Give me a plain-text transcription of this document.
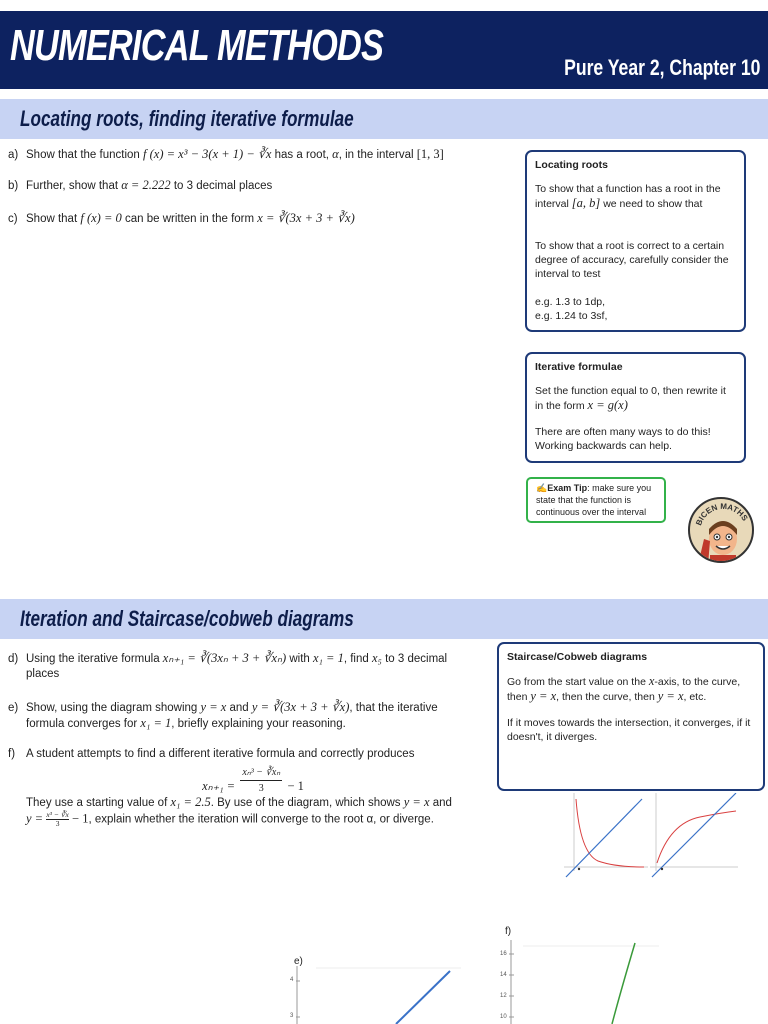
NUMERICAL METHODS	Pure Year 2, Chapter 10
Locating roots, finding iterative formulae
a) Show that the function f (x) = x³ − 3(x + 1) − ∛x has a root, α, in the interval [1, 3]
b) Further, show that α = 2.222 to 3 decimal places
c) Show that f (x) = 0 can be written in the form x = ∛(3x + 3 + ∛x)
Locating roots
To show that a function has a root in the interval [a, b] we need to show that
To show that a root is correct to a certain degree of accuracy, carefully consider the interval to test
e.g. 1.3 to 1dp,
e.g. 1.24 to 3sf,
Iterative formulae
Set the function equal to 0, then rewrite it in the form x = g(x)
There are often many ways to do this! Working backwards can help.
✍Exam Tip: make sure you state that the function is continuous over the interval
BICEN MATHS
Iteration and Staircase/cobweb diagrams
d) Using the iterative formula xₙ₊₁ = ∛(3xₙ + 3 + ∛xₙ) with x₁ = 1, find x₅ to 3 decimal
places
e) Show, using the diagram showing y = x and y = ∛(3x + 3 + ∛x), that the iterative
formula converges for x₁ = 1, briefly explaining your reasoning.
f) A student attempts to find a different iterative formula and correctly produces
$x_{n+1} = \frac{\text{xₙ³ − ∛xₙ}}{3} - 1$
They use a starting value of x₁ = 2.5. By use of the diagram, which shows y = x and
$y = \frac{\text{x³ − ∛x}}{3} - 1$, explain whether the iteration will converge to the root α, or diverge.
Staircase/Cobweb diagrams
Go from the start value on the x-axis, to the curve, then y = x, then the curve, then y = x, etc.
If it moves towards the intersection, it converges, if it doesn't, it diverges.
e)
4
3
f)
16
14
12
10
